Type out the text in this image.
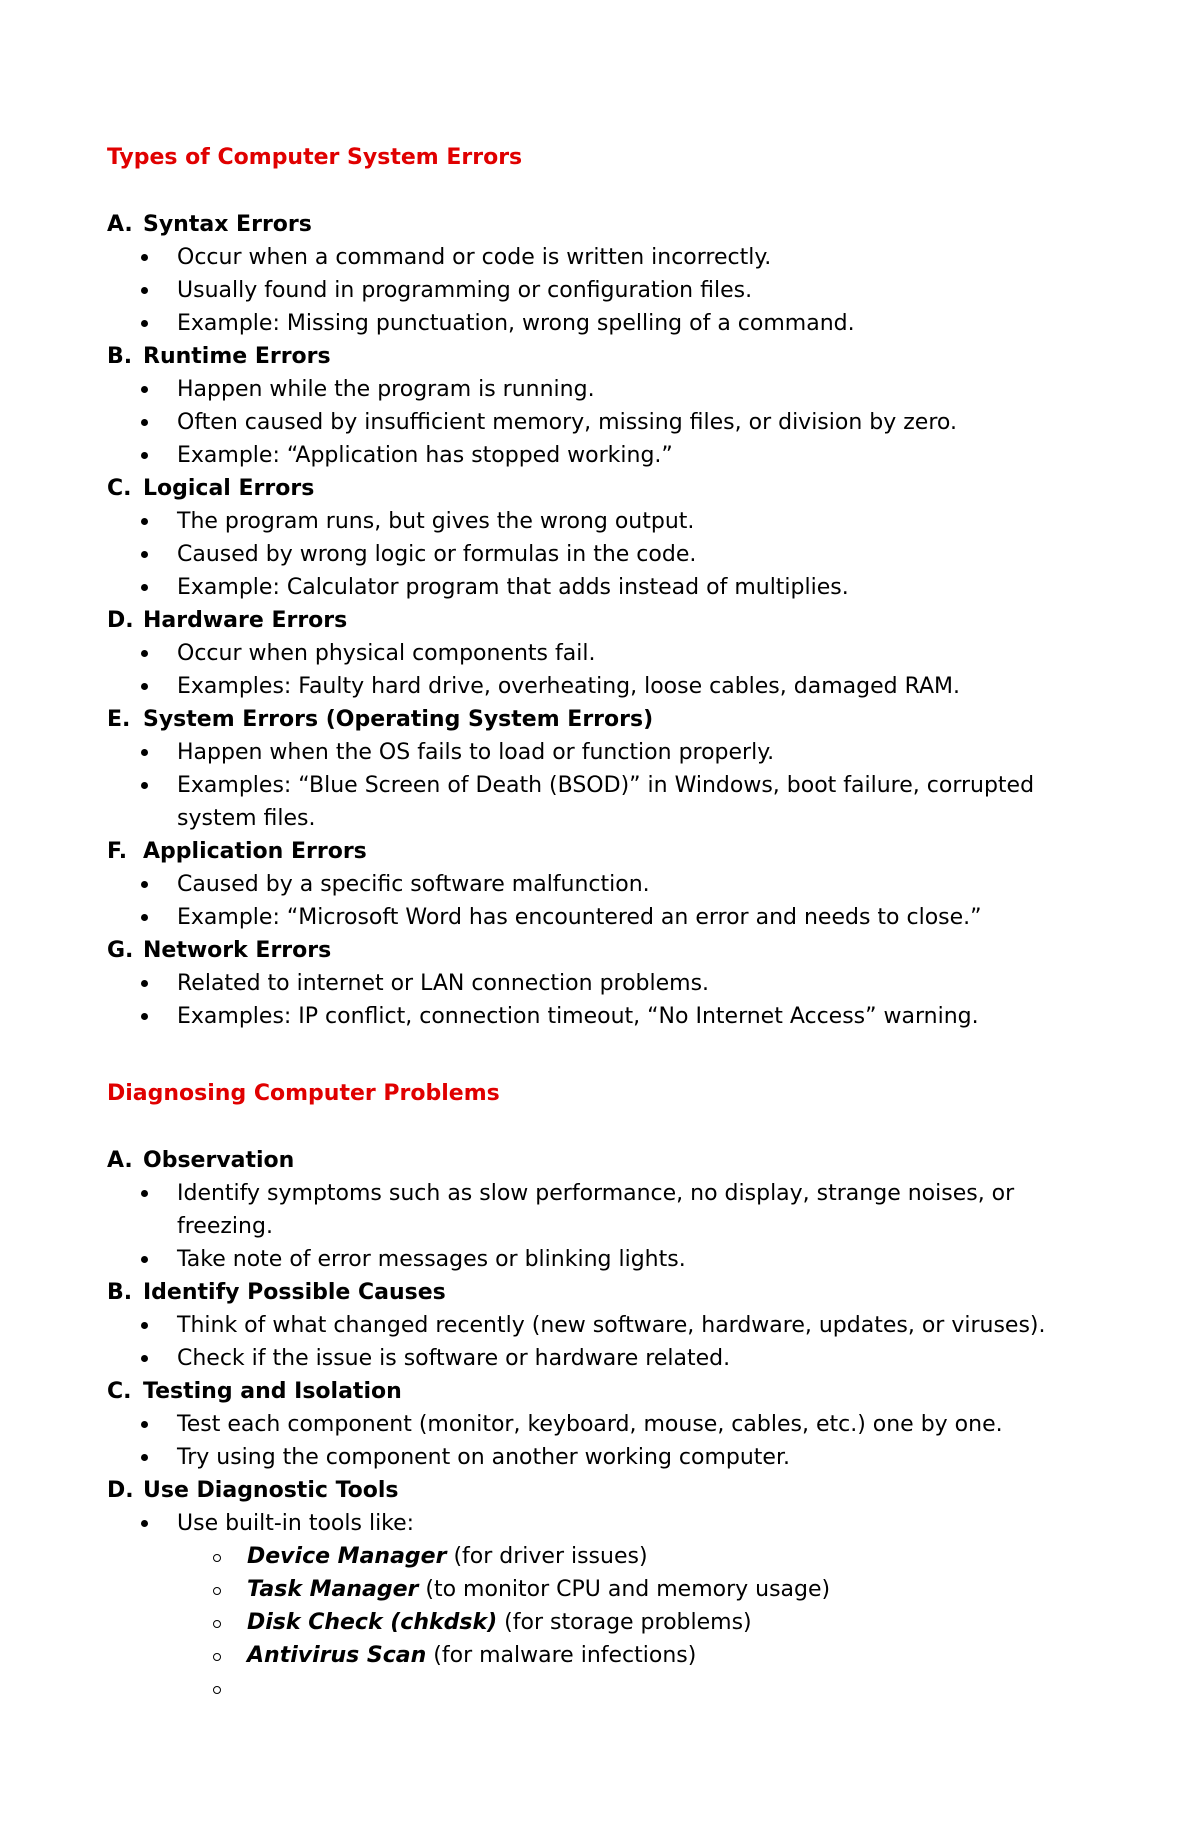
Types of Computer System Errors
A. Syntax Errors
Occur when a command or code is written incorrectly.
Usually found in programming or configuration files.
Example: Missing punctuation, wrong spelling of a command.
B. Runtime Errors
Happen while the program is running.
Often caused by insufficient memory, missing files, or division by zero.
Example: “Application has stopped working.”
C. Logical Errors
The program runs, but gives the wrong output.
Caused by wrong logic or formulas in the code.
Example: Calculator program that adds instead of multiplies.
D. Hardware Errors
Occur when physical components fail.
Examples: Faulty hard drive, overheating, loose cables, damaged RAM.
E. System Errors (Operating System Errors)
Happen when the OS fails to load or function properly.
Examples: “Blue Screen of Death (BSOD)” in Windows, boot failure, corrupted system files.
F. Application Errors
Caused by a specific software malfunction.
Example: “Microsoft Word has encountered an error and needs to close.”
G. Network Errors
Related to internet or LAN connection problems.
Examples: IP conflict, connection timeout, “No Internet Access” warning.
Diagnosing Computer Problems
A. Observation
Identify symptoms such as slow performance, no display, strange noises, or freezing.
Take note of error messages or blinking lights.
B. Identify Possible Causes
Think of what changed recently (new software, hardware, updates, or viruses).
Check if the issue is software or hardware related.
C. Testing and Isolation
Test each component (monitor, keyboard, mouse, cables, etc.) one by one.
Try using the component on another working computer.
D. Use Diagnostic Tools
Use built-in tools like:
Device Manager (for driver issues)
Task Manager (to monitor CPU and memory usage)
Disk Check (chkdsk) (for storage problems)
Antivirus Scan (for malware infections)
